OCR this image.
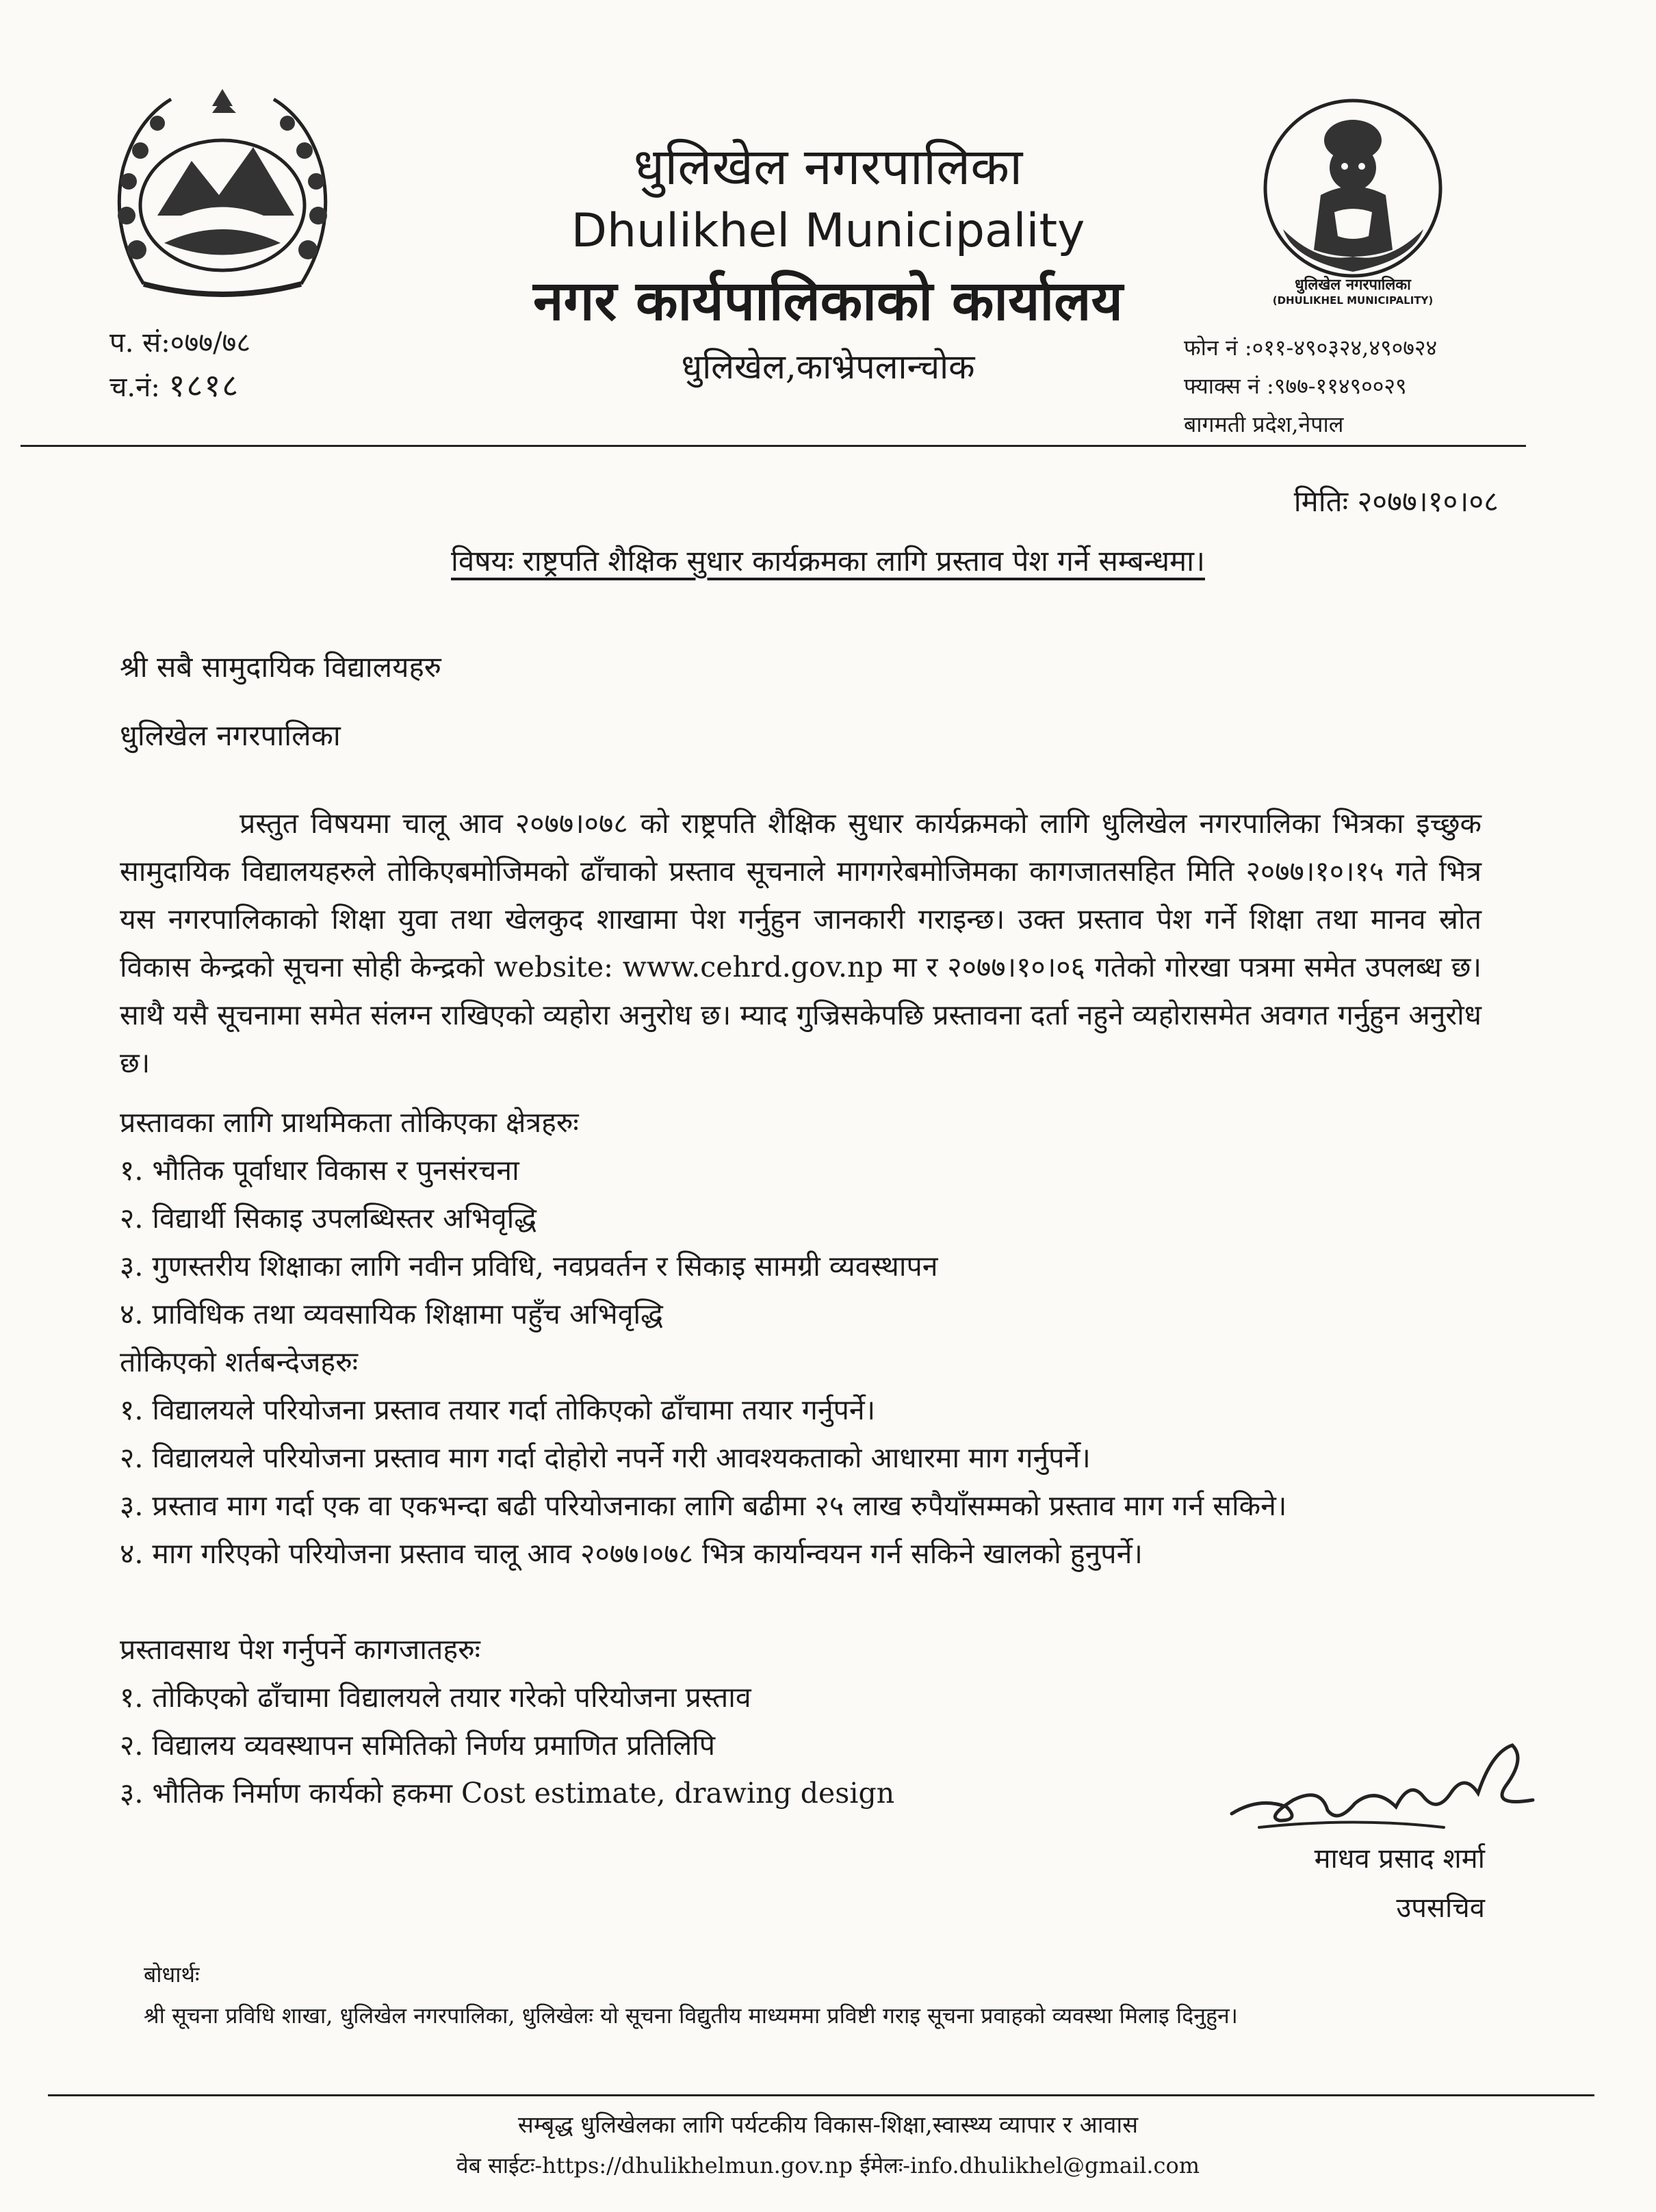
धुलिखेल नगरपालिका
Dhulikhel Municipality
नगर कार्यपालिकाको कार्यालय
धुलिखेल,काभ्रेपलान्चोक
धुलिखेल नगरपालिका
(DHULIKHEL MUNICIPALITY)
प. सं:०७७/७८
च.नं: १८१८
फोन नं :०११-४९०३२४,४९०७२४
फ्याक्स नं :९७७-११४९००२९
बागमती प्रदेश,नेपाल
मितिः २०७७।१०।०८
विषयः राष्ट्रपति शैक्षिक सुधार कार्यक्रमका लागि प्रस्ताव पेश गर्ने सम्बन्धमा।
श्री सबै सामुदायिक विद्यालयहरु
धुलिखेल नगरपालिका

प्रस्तुत विषयमा चालू आव २०७७।०७८ को राष्ट्रपति शैक्षिक सुधार कार्यक्रमको लागि धुलिखेल नगरपालिका भित्रका इच्छुक सामुदायिक विद्यालयहरुले तोकिएबमोजिमको ढाँचाको प्रस्ताव सूचनाले मागगरेबमोजिमका कागजातसहित मिति २०७७।१०।१५ गते भित्र यस नगरपालिकाको शिक्षा युवा तथा खेलकुद शाखामा पेश गर्नुहुन जानकारी गराइन्छ। उक्त प्रस्ताव पेश गर्ने शिक्षा तथा मानव स्रोत विकास केन्द्रको सूचना सोही केन्द्रको website: www.cehrd.gov.np मा र २०७७।१०।०६ गतेको गोरखा पत्रमा समेत उपलब्ध छ। साथै यसै सूचनामा समेत संलग्न राखिएको व्यहोरा अनुरोध छ। म्याद गुज्रिसकेपछि प्रस्तावना दर्ता नहुने व्यहोरासमेत अवगत गर्नुहुन अनुरोध छ।

प्रस्तावका लागि प्राथमिकता तोकिएका क्षेत्रहरुः
१. भौतिक पूर्वाधार विकास र पुनसंरचना
२. विद्यार्थी सिकाइ उपलब्धिस्तर अभिवृद्धि
३. गुणस्तरीय शिक्षाका लागि नवीन प्रविधि, नवप्रवर्तन र सिकाइ सामग्री व्यवस्थापन
४. प्राविधिक तथा व्यवसायिक शिक्षामा पहुँच अभिवृद्धि
तोकिएको शर्तबन्देजहरुः
१. विद्यालयले परियोजना प्रस्ताव तयार गर्दा तोकिएको ढाँचामा तयार गर्नुपर्ने।
२. विद्यालयले परियोजना प्रस्ताव माग गर्दा दोहोरो नपर्ने गरी आवश्यकताको आधारमा माग गर्नुपर्ने।
३. प्रस्ताव माग गर्दा एक वा एकभन्दा बढी परियोजनाका लागि बढीमा २५ लाख रुपैयाँसम्मको प्रस्ताव माग गर्न सकिने।
४. माग गरिएको परियोजना प्रस्ताव चालू आव २०७७।०७८ भित्र कार्यान्वयन गर्न सकिने खालको हुनुपर्ने।
प्रस्तावसाथ पेश गर्नुपर्ने कागजातहरुः
१. तोकिएको ढाँचामा विद्यालयले तयार गरेको परियोजना प्रस्ताव
२. विद्यालय व्यवस्थापन समितिको निर्णय प्रमाणित प्रतिलिपि
३. भौतिक निर्माण कार्यको हकमा Cost estimate, drawing design
माधव प्रसाद शर्मा
उपसचिव
बोधार्थः
श्री सूचना प्रविधि शाखा, धुलिखेल नगरपालिका, धुलिखेलः यो सूचना विद्युतीय माध्यममा प्रविष्टी गराइ सूचना प्रवाहको व्यवस्था मिलाइ दिनुहुन।
सम्बृद्ध धुलिखेलका लागि पर्यटकीय विकास-शिक्षा,स्वास्थ्य व्यापार र आवास
वेब साईटः-https://dhulikhelmun.gov.np ईमेलः-info.dhulikhel@gmail.com
